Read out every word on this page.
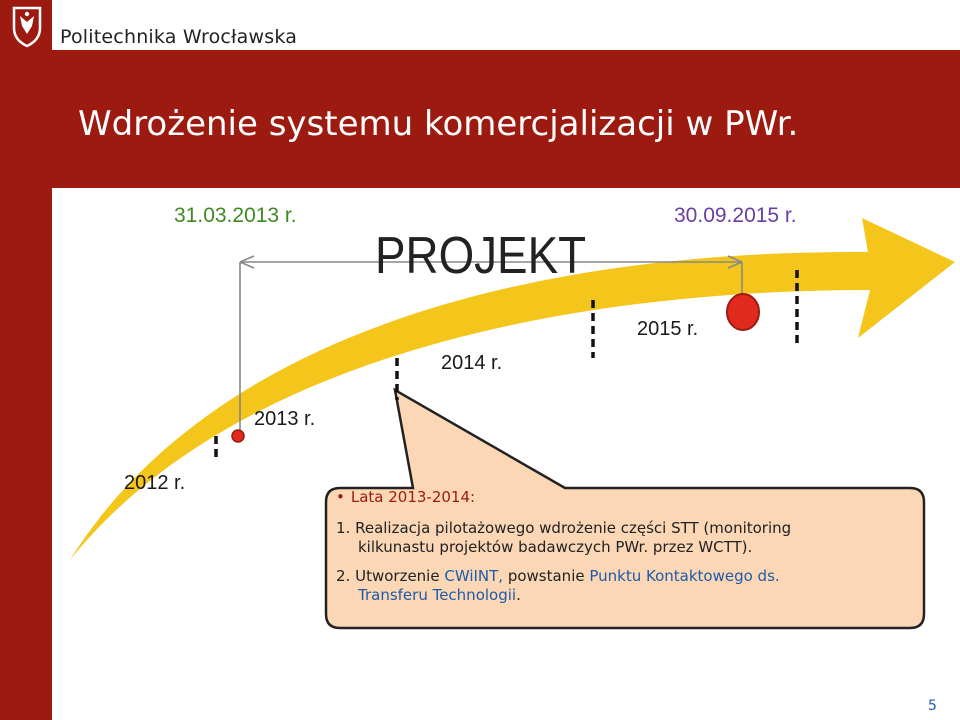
Politechnika Wrocławska
Wdrożenie systemu komercjalizacji w PWr.
31.03.2013 r.	30.09.2015 r.
PROJEKT
2012 r.
2013 r.
2014 r.
2015 r.
• Lata 2013-2014:

1. Realizacja pilotażowego wdrożenie części STT (monitoring

kilkunastu projektów badawczych PWr. przez WCTT).

2. Utworzenie CWiINT, powstanie Punktu Kontaktowego ds.

Transferu Technologii.

5
